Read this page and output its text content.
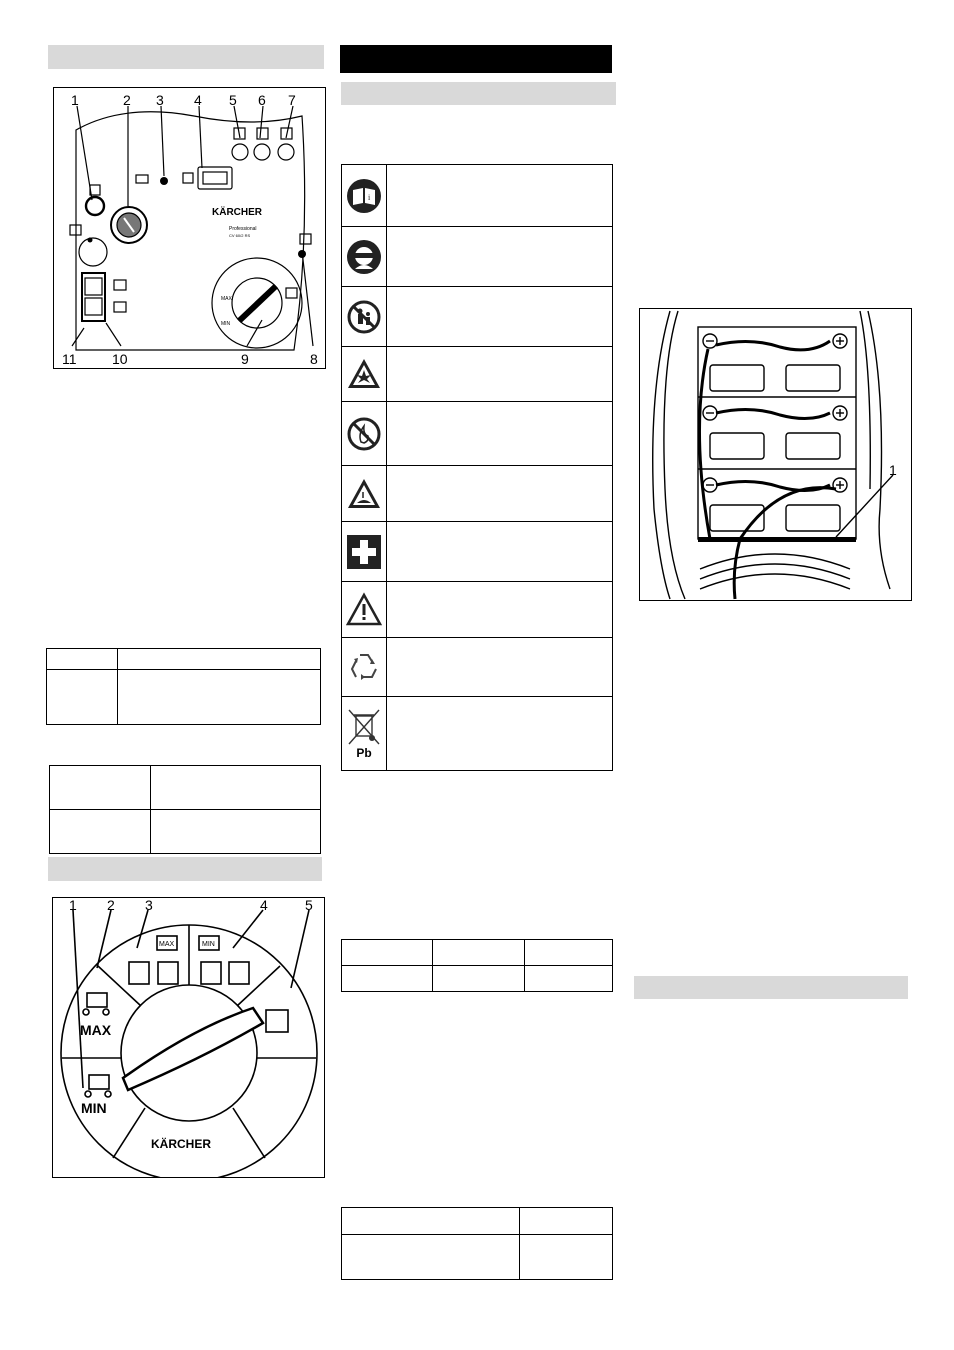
1	2 3 4 5 6 7
8
9
10
11
KÄRCHER
Professional
CV 60/2 RS
MAX
MIN

1 2 3	4	5
MAX
MIN
MAX	MIN
KÄRCHER
i
Pb

1
